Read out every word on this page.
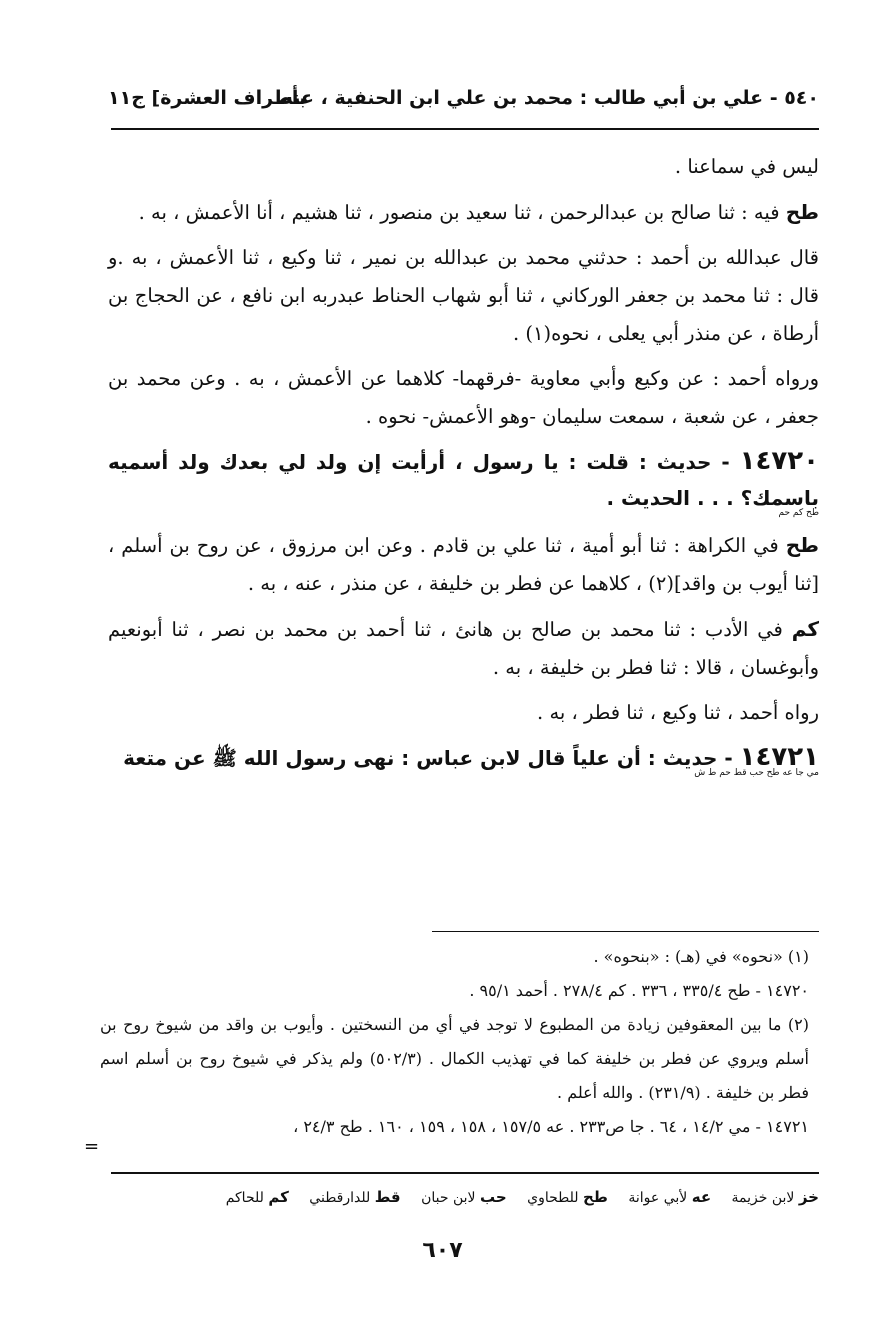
٥٤٠ - علي بن أبي طالب : محمد بن علي ابن الحنفية ، عنه
بأطراف العشرة] ج١١

ليس في سماعنا .

طح فيه : ثنا صالح بن عبدالرحمن ، ثنا سعيد بن منصور ، ثنا هشيم ، أنا الأعمش ، به .

قال عبدالله بن أحمد : حدثني محمد بن عبدالله بن نمير ، ثنا وكيع ، ثنا الأعمش ، به .و قال : ثنا محمد بن جعفر الوركاني ، ثنا أبو شهاب الحناط عبدربه ابن نافع ، عن الحجاج بن أرطاة ، عن منذر أبي يعلى ، نحوه(١) .

ورواه أحمد : عن وكيع وأبي معاوية -فرقهما- كلاهما عن الأعمش ، به . وعن محمد بن جعفر ، عن شعبة ، سمعت سليمان -وهو الأعمش- نحوه .

١٤٧٢٠ - حديث : قلت : يا رسول ، أرأيت إن ولد لي بعدك ولد أسميه باسمك؟ . . . الحديث .
طح كم حم

طح في الكراهة : ثنا أبو أمية ، ثنا علي بن قادم . وعن ابن مرزوق ، عن روح بن أسلم ، [ثنا أيوب بن واقد](٢) ، كلاهما عن فطر بن خليفة ، عن منذر ، عنه ، به .

كم في الأدب : ثنا محمد بن صالح بن هانئ ، ثنا أحمد بن محمد بن نصر ، ثنا أبونعيم وأبوغسان ، قالا : ثنا فطر بن خليفة ، به .

رواه أحمد ، ثنا وكيع ، ثنا فطر ، به .

١٤٧٢١ - حديث : أن علياً قال لابن عباس : نهى رسول الله ﷺ عن متعة
مي جا عه طح حب قط حم ط ش

(١) «نحوه» في (هـ) : «بنحوه» .

١٤٧٢٠ - طح ٣٣٥/٤ ، ٣٣٦ . كم ٢٧٨/٤ . أحمد ٩٥/١ .

(٢) ما بين المعقوفين زيادة من المطبوع لا توجد في أي من النسختين . وأيوب بن واقد من شيوخ روح بن أسلم ويروي عن فطر بن خليفة كما في تهذيب الكمال . (٥٠٢/٣) ولم يذكر في شيوخ روح بن أسلم اسم فطر بن خليفة . (٢٣١/٩) . والله أعلم .

١٤٧٢١ - مي ١٤/٢ ، ٦٤ . جا ص٢٣٣ . عه ١٥٧/٥ ، ١٥٨ ، ١٥٩ ، ١٦٠ . طح ٢٤/٣ ،

=
خز لابن خزيمة عه لأبي عوانة طح للطحاوي حب لابن حبان قط للدارقطني كم للحاكم
٦٠٧
